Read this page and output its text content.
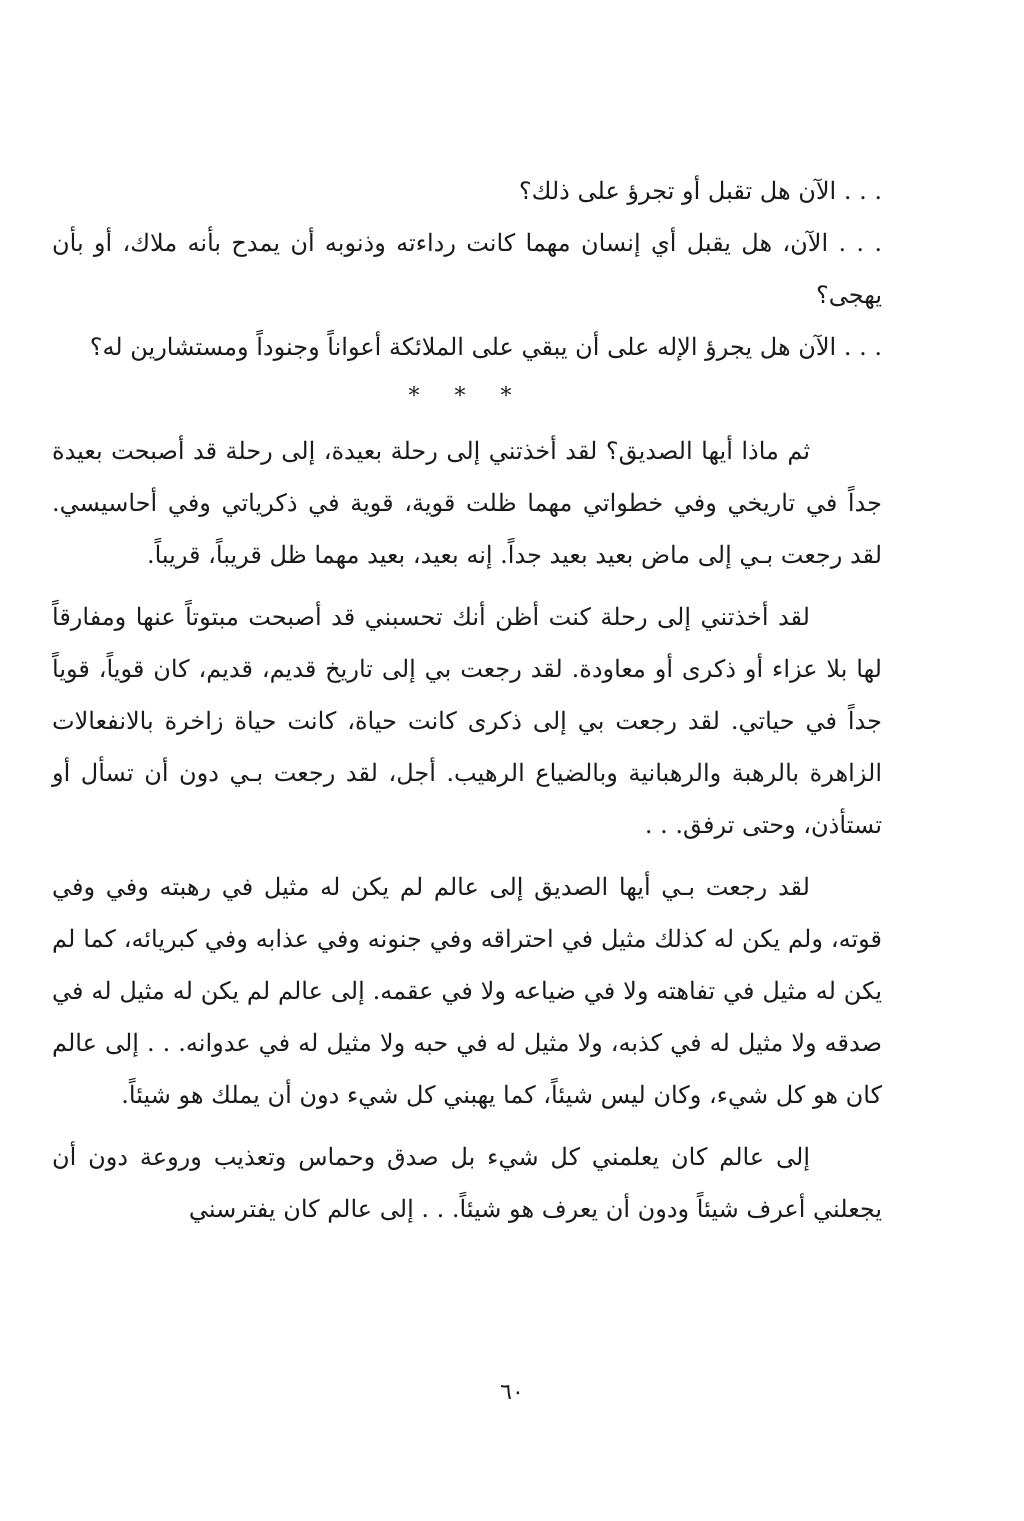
. . . الآن هل تقبل أو تجرؤ على ذلك؟

. . . الآن، هل يقبل أي إنسان مهما كانت رداءته وذنوبه أن يمدح بأنه ملاك، أو بأن يهجى؟

. . . الآن هل يجرؤ الإله على أن يبقي على الملائكة أعواناً وجنوداً ومستشارين له؟

* * *

ثم ماذا أيها الصديق؟ لقد أخذتني إلى رحلة بعيدة، إلى رحلة قد أصبحت بعيدة جداً في تاريخي وفي خطواتي مهما ظلت قوية، قوية في ذكرياتي وفي أحاسيسي. لقد رجعت بـي إلى ماض بعيد بعيد جداً. إنه بعيد، بعيد مهما ظل قريباً، قريباً.

لقد أخذتني إلى رحلة كنت أظن أنك تحسبني قد أصبحت مبتوتاً عنها ومفارقاً لها بلا عزاء أو ذكرى أو معاودة. لقد رجعت بي إلى تاريخ قديم، قديم، كان قوياً، قوياً جداً في حياتي. لقد رجعت بي إلى ذكرى كانت حياة، كانت حياة زاخرة بالانفعالات الزاهرة بالرهبة والرهبانية وبالضياع الرهيب. أجل، لقد رجعت بـي دون أن تسأل أو تستأذن، وحتى ترفق. . .

لقد رجعت بـي أيها الصديق إلى عالم لم يكن له مثيل في رهبته وفي وفي قوته، ولم يكن له كذلك مثيل في احتراقه وفي جنونه وفي عذابه وفي كبريائه، كما لم يكن له مثيل في تفاهته ولا في ضياعه ولا في عقمه. إلى عالم لم يكن له مثيل له في صدقه ولا مثيل له في كذبه، ولا مثيل له في حبه ولا مثيل له في عدوانه. . . إلى عالم كان هو كل شيء، وكان ليس شيئاً، كما يهبني كل شيء دون أن يملك هو شيئاً.

إلى عالم كان يعلمني كل شيء بل صدق وحماس وتعذيب وروعة دون أن يجعلني أعرف شيئاً ودون أن يعرف هو شيئاً. . . إلى عالم كان يفترسني

٦٠
